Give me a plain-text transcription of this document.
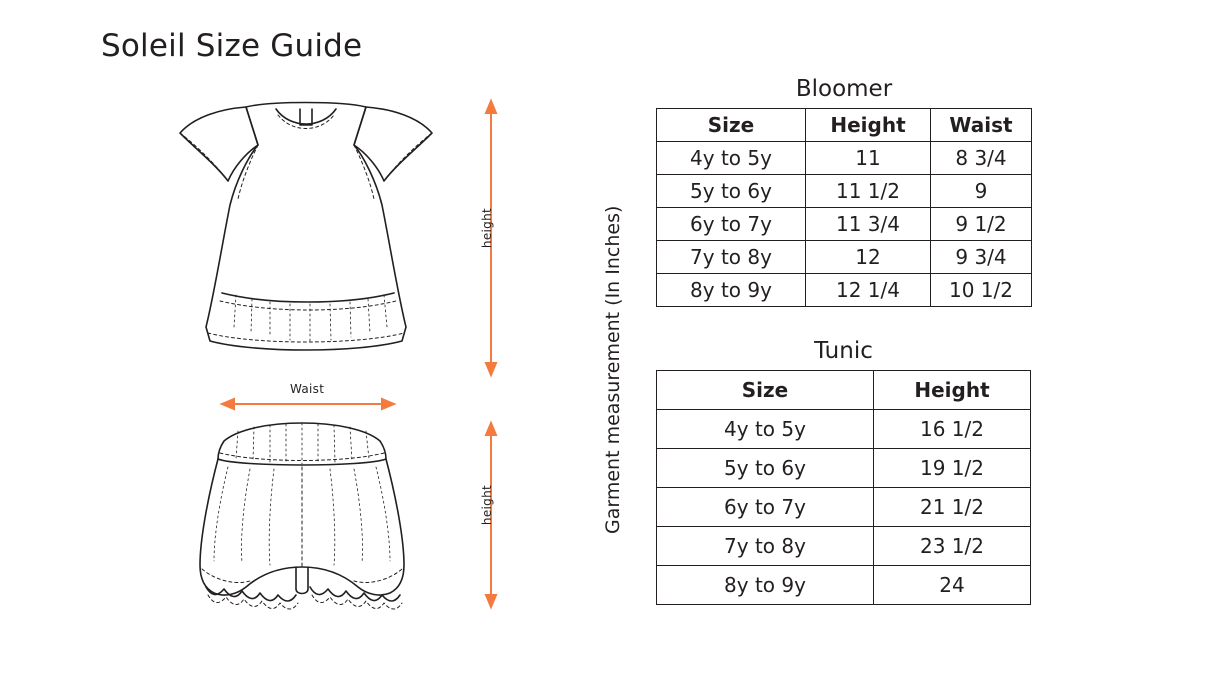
Soleil Size Guide
height
Waist
height	Garment measurement (In Inches)
Bloomer
Size	Height	Waist
4y to 5y	11	8 3/4
5y to 6y	11 1/2	9
6y to 7y	11 3/4	9 1/2
7y to 8y	12	9 3/4
8y to 9y	12 1/4	10 1/2
Tunic
Size	Height
4y to 5y	16 1/2
5y to 6y	19 1/2
6y to 7y	21 1/2
7y to 8y	23 1/2
8y to 9y	24
